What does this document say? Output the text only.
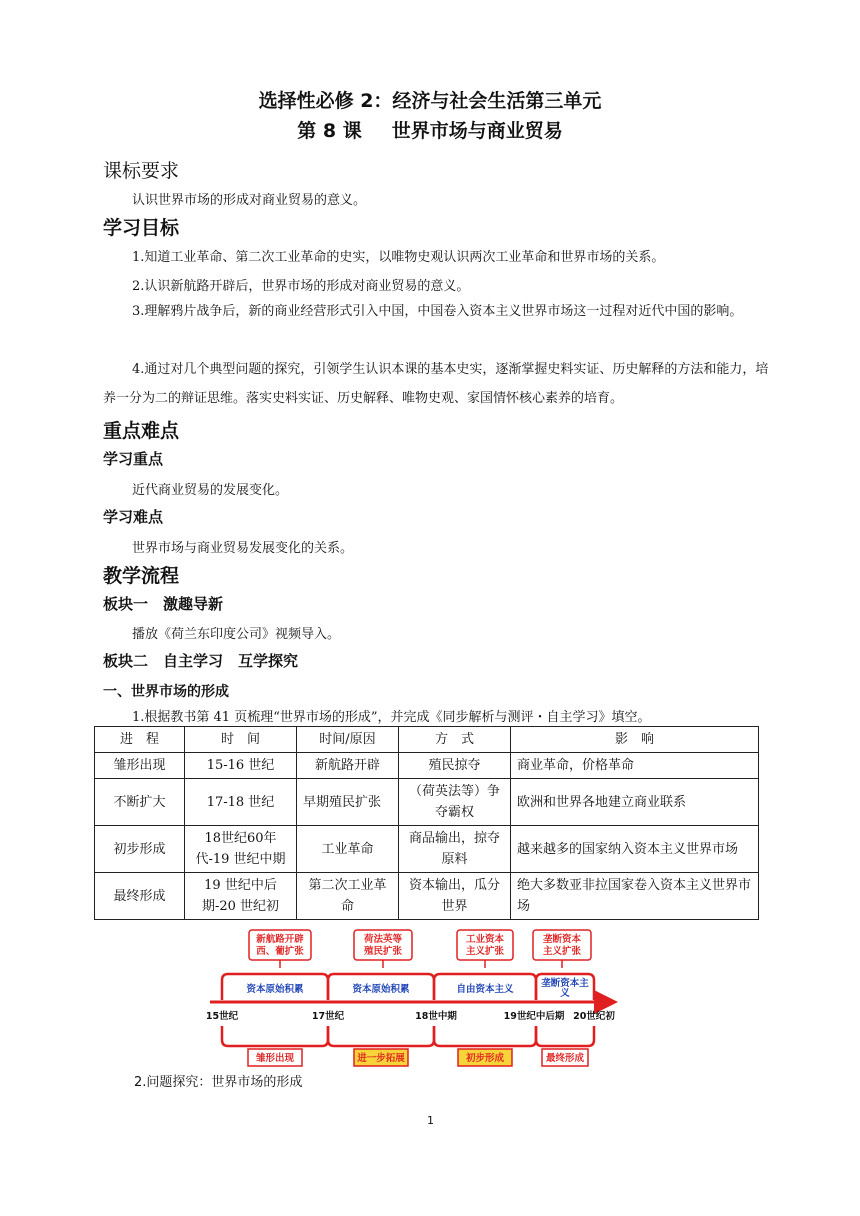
选择性必修 2：经济与社会生活第三单元
第 8 课 世界市场与商业贸易
课标要求
认识世界市场的形成对商业贸易的意义。
学习目标
1.知道工业革命、第二次工业革命的史实，以唯物史观认识两次工业革命和世界市场的关系。
2.认识新航路开辟后，世界市场的形成对商业贸易的意义。
3.理解鸦片战争后，新的商业经营形式引入中国，中国卷入资本主义世界市场这一过程对近代中国的影响。
4.通过对几个典型问题的探究，引领学生认识本课的基本史实，逐渐掌握史料实证、历史解释的方法和能力，培养一分为二的辩证思维。落实史料实证、历史解释、唯物史观、家国情怀核心素养的培育。
重点难点
学习重点
近代商业贸易的发展变化。
学习难点
世界市场与商业贸易发展变化的关系。
教学流程
板块一　激趣导新
播放《荷兰东印度公司》视频导入。
板块二　自主学习　互学探究
一、世界市场的形成
1.根据教书第 41 页梳理“世界市场的形成”，并完成《同步解析与测评・自主学习》填空。
进　程	时　间	时间/原因	方　式	影　响
雏形出现	15-16 世纪	新航路开辟	殖民掠夺	商业革命，价格革命
不断扩大	17-18 世纪	早期殖民扩张	（荷英法等）争夺霸权	欧洲和世界各地建立商业联系
初步形成	18世纪60年代-19 世纪中期	工业革命	商品输出，掠夺原料	越来越多的国家纳入资本主义世界市场
最终形成	19 世纪中后期-20 世纪初	第二次工业革命	资本输出，瓜分世界	绝大多数亚非拉国家卷入资本主义世界市场
新航路开辟
西、葡扩张
荷法英等
殖民扩张
工业资本
主义扩张
垄断资本
主义扩张
资本原始积累	资本原始积累	自由资本主义
垄断资本主
义
15世纪	17世纪	18世中期	19世纪中后期 20世纪初
雏形出现	进一步拓展	初步形成	最终形成
2.问题探究：世界市场的形成
1
